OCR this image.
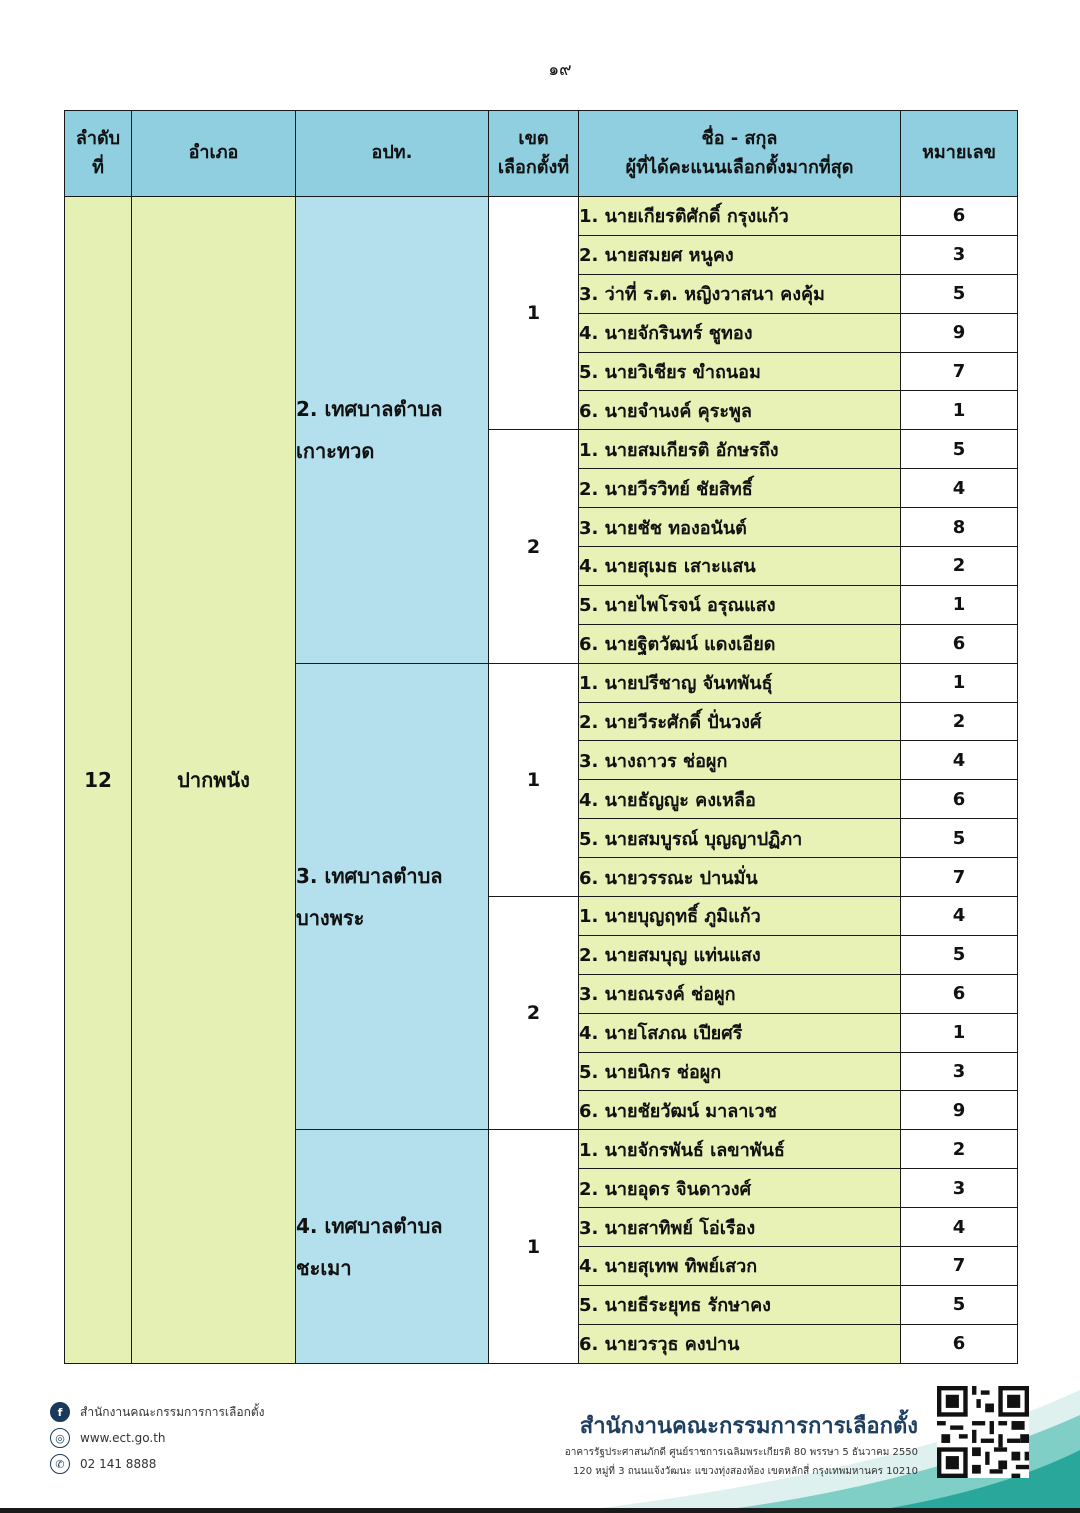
๑๙
ลำดับ
ที่	อำเภอ	อปท.	เขต
เลือกตั้งที่	ชื่อ - สกุล
ผู้ที่ได้คะแนนเลือกตั้งมากที่สุด	หมายเลข
12	ปากพนัง	2. เทศบาลตำบล
เกาะทวด	1	1. นายเกียรติศักดิ์ กรุงแก้ว	6
				2. นายสมยศ หนูคง	3
				3. ว่าที่ ร.ต. หญิงวาสนา คงคุ้ม	5
				4. นายจักรินทร์ ชูทอง	9
				5. นายวิเชียร ขำถนอม	7
				6. นายจำนงค์ คุระพูล	1
			2	1. นายสมเกียรติ อักษรถึง	5
				2. นายวีรวิทย์ ชัยสิทธิ์	4
				3. นายชัช ทองอนันต์	8
				4. นายสุเมธ เสาะแสน	2
				5. นายไพโรจน์ อรุณแสง	1
				6. นายฐิตวัฒน์ แดงเอียด	6
		3. เทศบาลตำบล
บางพระ	1	1. นายปรีชาญ จันทพันธุ์	1
				2. นายวีระศักดิ์ ปั่นวงศ์	2
				3. นางถาวร ช่อผูก	4
				4. นายธัญญูะ คงเหลือ	6
				5. นายสมบูรณ์ บุญญาปฏิภา	5
				6. นายวรรณะ ปานมั่น	7
			2	1. นายบุญฤทธิ์ ภูมิแก้ว	4
				2. นายสมบุญ แท่นแสง	5
				3. นายณรงค์ ช่อผูก	6
				4. นายโสภณ เปียศรี	1
				5. นายนิกร ช่อผูก	3
				6. นายชัยวัฒน์ มาลาเวช	9
		4. เทศบาลตำบล
ชะเมา	1	1. นายจักรพันธ์ เลขาพันธ์	2
				2. นายอุดร จินดาวงศ์	3
				3. นายสาทิพย์ โอ่เรือง	4
				4. นายสุเทพ ทิพย์เสวก	7
				5. นายธีระยุทธ รักษาคง	5
				6. นายวรวุธ คงปาน	6
f	สำนักงานคณะกรรมการการเลือกตั้ง
◎	www.ect.go.th
✆	02 141 8888
สำนักงานคณะกรรมการการเลือกตั้ง
อาคารรัฐประศาสนภักดี ศูนย์ราชการเฉลิมพระเกียรติ 80 พรรษา 5 ธันวาคม 2550
120 หมู่ที่ 3 ถนนแจ้งวัฒนะ แขวงทุ่งสองห้อง เขตหลักสี่ กรุงเทพมหานคร 10210
